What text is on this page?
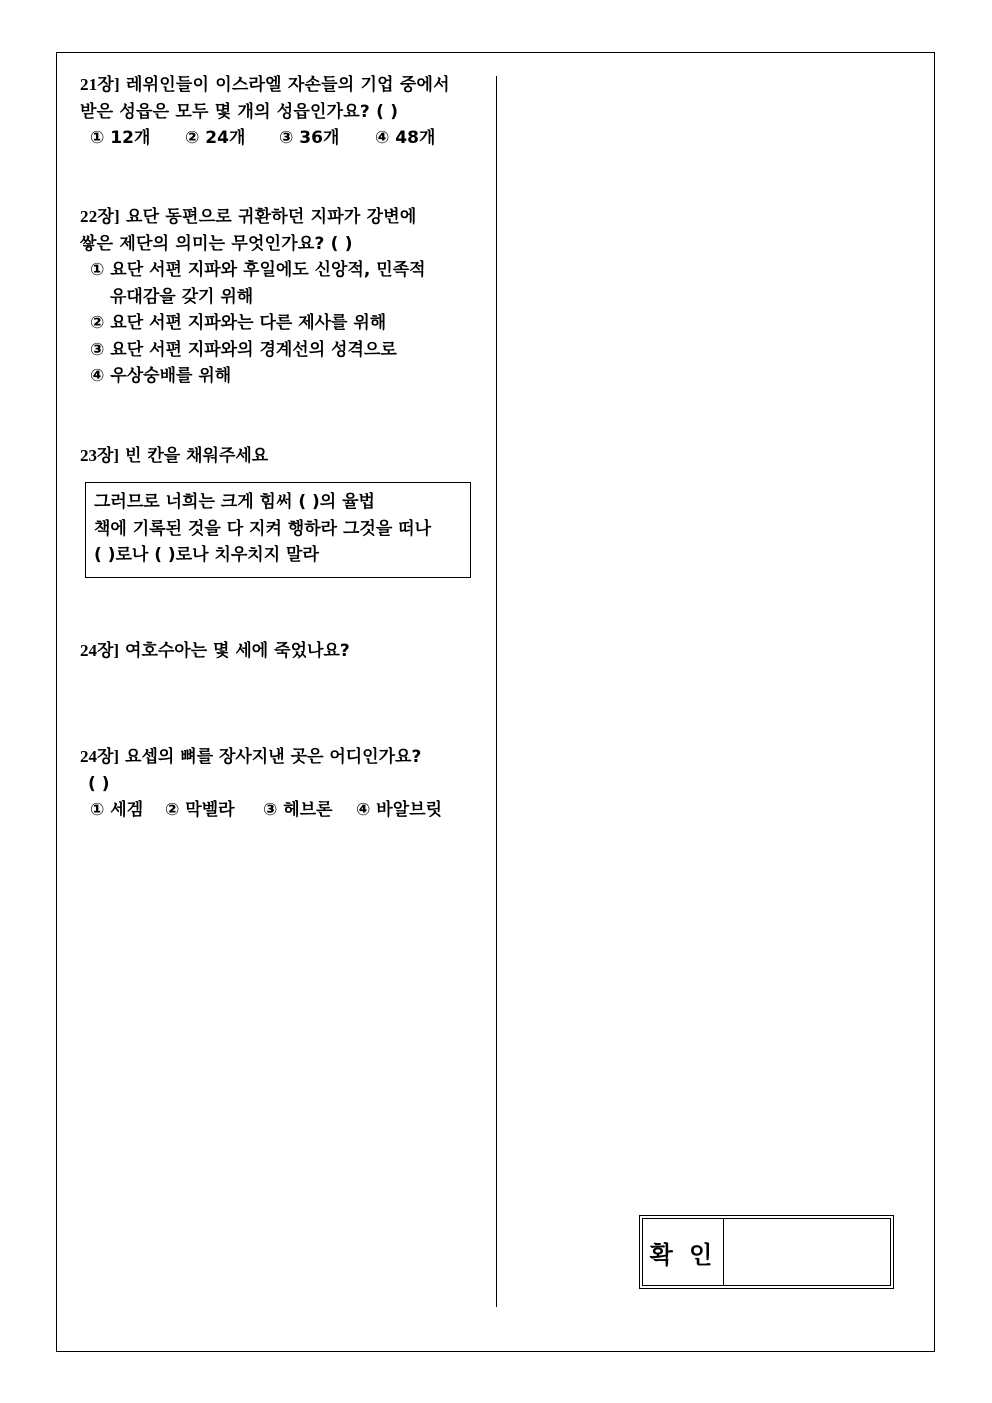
21장] 레위인들이 이스라엘 자손들의 기업 중에서
받은 성읍은 모두 몇 개의 성읍인가요? ( )
① 12개	② 24개	③ 36개	④ 48개
22장] 요단 동편으로 귀환하던 지파가 강변에
쌓은 제단의 의미는 무엇인가요? ( )
① 요단 서편 지파와 후일에도 신앙적, 민족적
유대감을 갖기 위해
② 요단 서편 지파와는 다른 제사를 위해
③ 요단 서편 지파와의 경계선의 성격으로
④ 우상숭배를 위해
23장] 빈 칸을 채워주세요
그러므로 너희는 크게 힘써 ( )의 율법
책에 기록된 것을 다 지켜 행하라 그것을 떠나
( )로나 ( )로나 치우치지 말라
24장] 여호수아는 몇 세에 죽었나요?
24장] 요셉의 뼈를 장사지낸 곳은 어디인가요?
( )
① 세겜	② 막벨라	③ 헤브론	④ 바알브릿
확 인
